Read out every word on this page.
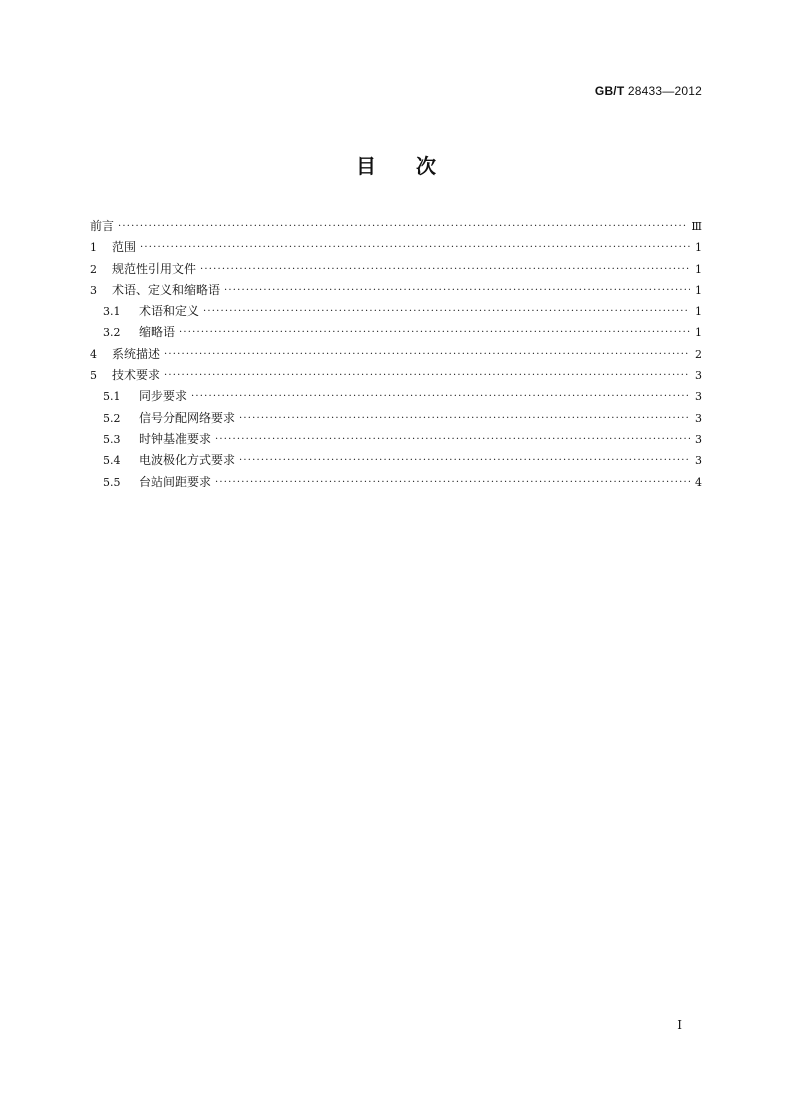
GB/T 28433—2012
目 次
前言 ·····	Ⅲ
1	范围 ·····	1
2	规范性引用文件 ·····	1
3	术语、定义和缩略语 ·····	1
3.1	术语和定义 ·····	1
3.2	缩略语 ·····	1
4	系统描述 ·····	2
5	技术要求 ·····	3
5.1	同步要求 ·····	3
5.2	信号分配网络要求 ·····	3
5.3	时钟基准要求 ·····	3
5.4	电波极化方式要求 ·····	3
5.5	台站间距要求 ·····	4
Ⅰ
